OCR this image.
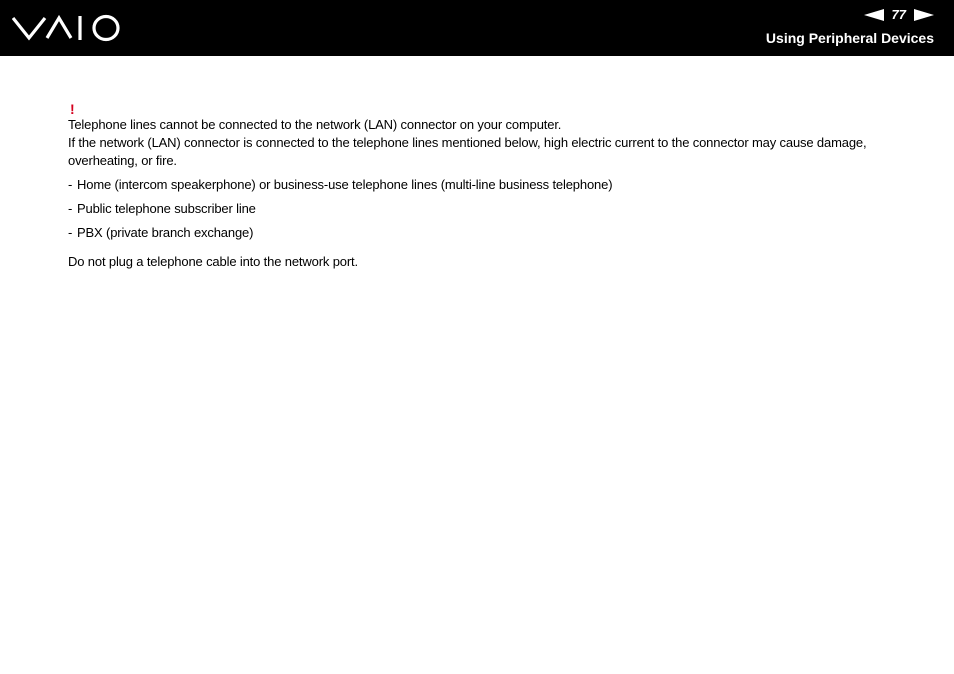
77
Using Peripheral Devices
!

Telephone lines cannot be connected to the network (LAN) connector on your computer.

If the network (LAN) connector is connected to the telephone lines mentioned below, high electric current to the connector may cause damage, overheating, or fire.

- Home (intercom speakerphone) or business-use telephone lines (multi-line business telephone)
- Public telephone subscriber line
- PBX (private branch exchange)

Do not plug a telephone cable into the network port.
